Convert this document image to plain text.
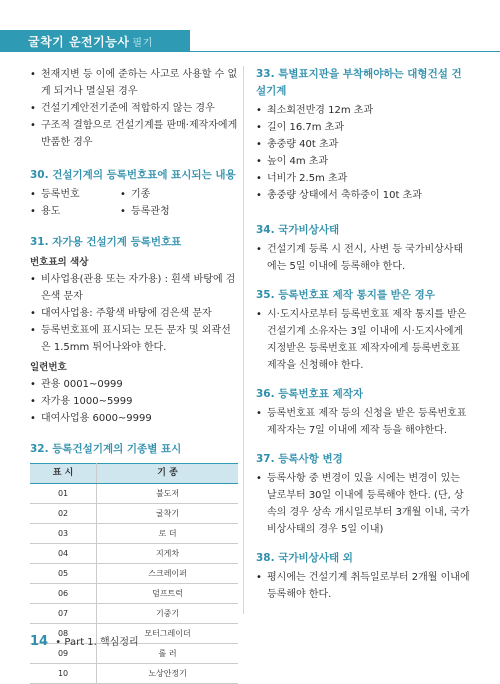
굴착기 운전기능사 필기
• 천재지변 등 이에 준하는 사고로 사용할 수 없게 되거나 멸실된 경우
• 건설기계안전기준에 적합하지 않는 경우
• 구조적 결함으로 건설기계를 판매·제작자에게 반품한 경우
30. 건설기계의 등록번호표에 표시되는 내용
• 등록번호	• 기종
• 용도	• 등록관청
31. 자가용 건설기계 등록번호표
번호표의 색상
• 비사업용(관용 또는 자가용) : 흰색 바탕에 검은색 문자
• 대여사업용: 주황색 바탕에 검은색 문자
• 등록번호표에 표시되는 모든 문자 및 외곽선은 1.5mm 튀어나와야 한다.
일련번호
• 관용 0001~0999
• 자가용 1000~5999
• 대여사업용 6000~9999
32. 등록건설기계의 기종별 표시
표 시	기 종
01	불도저
02	굴착기
03	로 더
04	지게차
05	스크레이퍼
06	덤프트럭
07	기중기
08	모터그레이더
09	롤 러
10	노상안정기
33. 특별표지판을 부착해야하는 대형건설 건설기계
• 최소회전반경 12m 초과
• 길이 16.7m 초과
• 총중량 40t 초과
• 높이 4m 초과
• 너비가 2.5m 초과
• 총중량 상태에서 축하중이 10t 초과
34. 국가비상사태
• 건설기계 등록 시 전시, 사변 등 국가비상사태에는 5일 이내에 등록해야 한다.
35. 등록번호표 제작 통지를 받은 경우
• 시·도지사로부터 등록번호표 제작 통지를 받은 건설기계 소유자는 3일 이내에 시·도지사에게 지정받은 등록번호표 제작자에게 등록번호표 제작을 신청해야 한다.
36. 등록번호표 제작자
• 등록번호표 제작 등의 신청을 받은 등록번호표 제작자는 7일 이내에 제작 등을 해야한다.
37. 등록사항 변경
• 등록사항 중 변경이 있을 시에는 변경이 있는 날로부터 30일 이내에 등록해야 한다. (단, 상속의 경우 상속 개시일로부터 3개월 이내, 국가비상사태의 경우 5일 이내)
38. 국가비상사태 외
• 평시에는 건설기계 취득일로부터 2개월 이내에 등록해야 한다.
14 • Part 1. 핵심정리
